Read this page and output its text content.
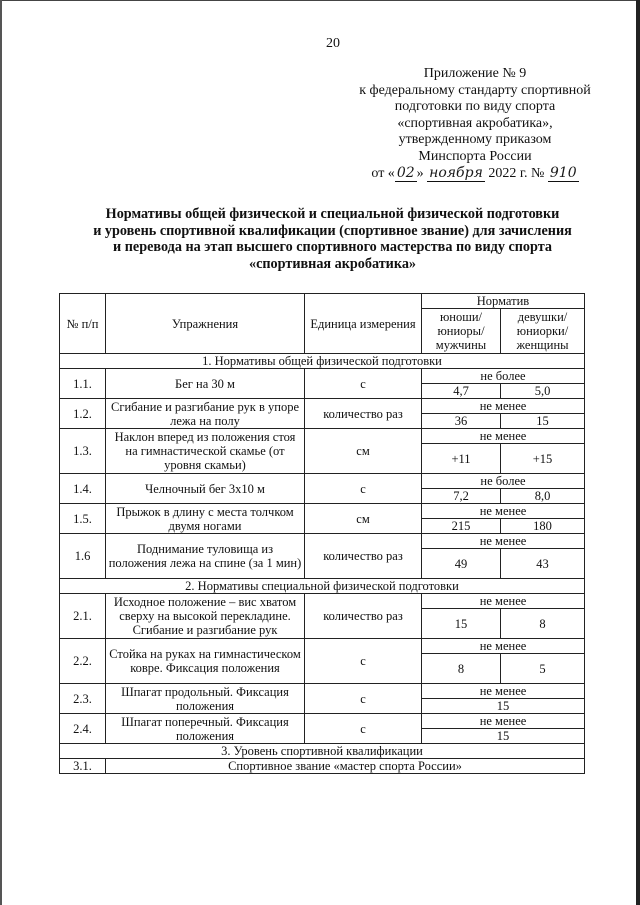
20
Приложение № 9
к федеральному стандарту спортивной
подготовки по виду спорта
«спортивная акробатика»,
утвержденному приказом
Минспорта России
от « 02 » ноября 2022 г. № 910
Нормативы общей физической и специальной физической подготовки
и уровень спортивной квалификации (спортивное звание) для зачисления
и перевода на этап высшего спортивного мастерства по виду спорта
«спортивная акробатика»
№ п/п	Упражнения	Единица измерения	Норматив	
			юноши/ юниоры/ мужчины	девушки/ юниорки/ женщины
1. Нормативы общей физической подготовки				
1.1.	Бег на 30 м	с	не более	
			4,7	5,0
1.2.	Сгибание и разгибание рук в упоре лежа на полу	количество раз	не менее	
			36	15
1.3.	Наклон вперед из положения стоя на гимнастической скамье (от уровня скамьи)	см	не менее	
			+11	+15
1.4.	Челночный бег 3х10 м	с	не более	
			7,2	8,0
1.5.	Прыжок в длину с места толчком двумя ногами	см	не менее	
			215	180
1.6	Поднимание туловища из положения лежа на спине (за 1 мин)	количество раз	не менее	
			49	43
2. Нормативы специальной физической подготовки				
2.1.	Исходное положение – вис хватом сверху на высокой перекладине. Сгибание и разгибание рук	количество раз	не менее	
			15	8
2.2.	Стойка на руках на гимнастическом ковре. Фиксация положения	с	не менее	
			8	5
2.3.	Шпагат продольный. Фиксация положения	с	не менее	
			15	
2.4.	Шпагат поперечный. Фиксация положения	с	не менее	
			15	
3. Уровень спортивной квалификации				
3.1.	Спортивное звание «мастер спорта России»			
